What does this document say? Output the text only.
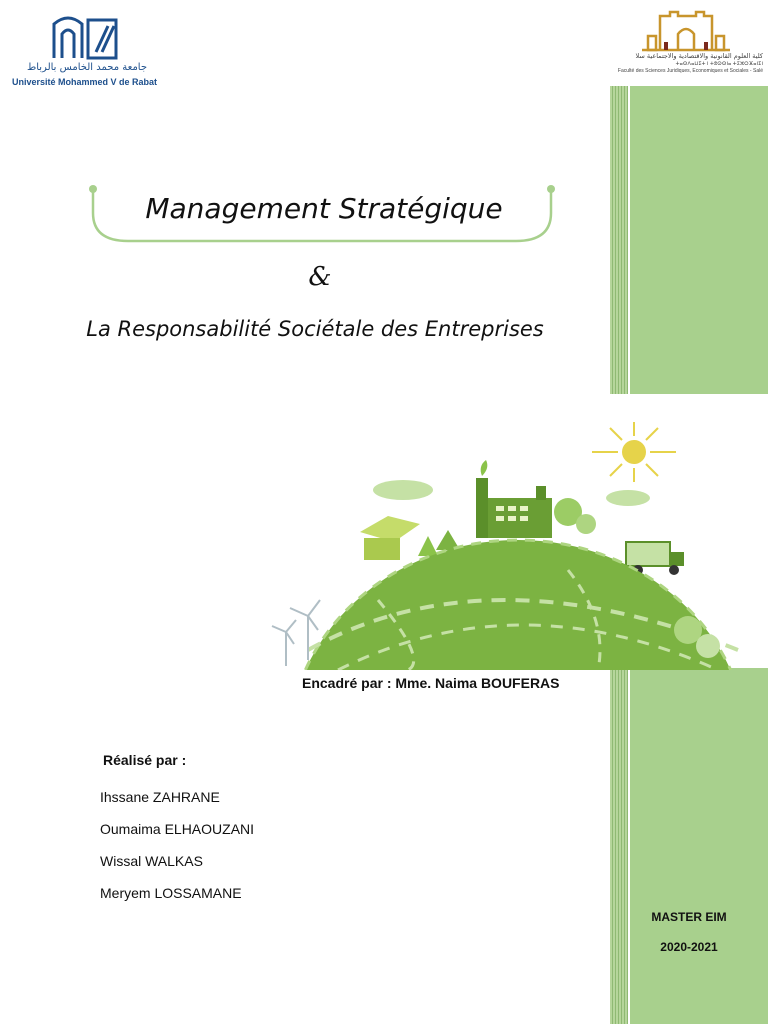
جامعة محمد الخامس بالرباط
Université Mohammed V de Rabat
كلية العلوم القانونية والاقتصادية والاجتماعية سلا
ⵜⴰⵙⴷⴰⵡⵉⵜ ⵏ ⵜⵓⵙⵙⵏⴰ ⵜⵉⵣⵔⴼⴰⵏⵉⵏ
Faculté des Sciences Juridiques, Economiques et Sociales - Salé
Management Stratégique
&
La Responsabilité Sociétale des Entreprises
Encadré par : Mme. Naima BOUFERAS
Réalisé par :
Ihssane ZAHRANE
Oumaima ELHAOUZANI
Wissal WALKAS
Meryem LOSSAMANE
MASTER EIM
2020-2021
